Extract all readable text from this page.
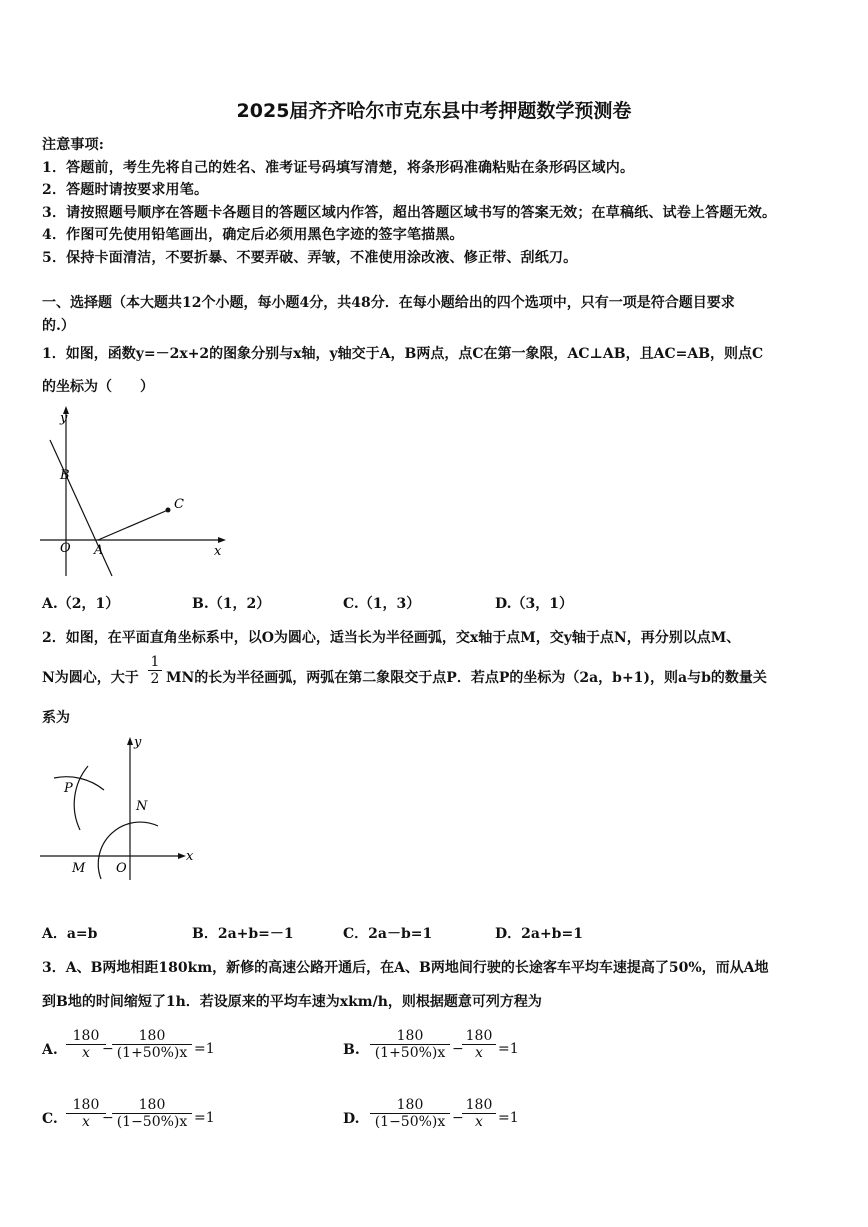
2025届齐齐哈尔市克东县中考押题数学预测卷
注意事项:
1．答题前，考生先将自己的姓名、准考证号码填写清楚，将条形码准确粘贴在条形码区域内。
2．答题时请按要求用笔。
3．请按照题号顺序在答题卡各题目的答题区域内作答，超出答题区域书写的答案无效；在草稿纸、试卷上答题无效。
4．作图可先使用铅笔画出，确定后必须用黑色字迹的签字笔描黑。
5．保持卡面清洁，不要折暴、不要弄破、弄皱，不准使用涂改液、修正带、刮纸刀。
一、选择题（本大题共12个小题，每小题4分，共48分．在每小题给出的四个选项中，只有一项是符合题目要求
的.）
1．如图，函数y=－2x+2的图象分别与x轴，y轴交于A，B两点，点C在第一象限，AC⊥AB，且AC=AB，则点C
的坐标为（　　）
y
x
B
C
O A
A.（2，1）	B.（1，2）	C.（1，3）	D.（3，1）
2．如图，在平面直角坐标系中，以O为圆心，适当长为半径画弧，交x轴于点M，交y轴于点N，再分别以点M、
N为圆心，大于
1
2 MN的长为半径画弧，两弧在第二象限交于点P．若点P的坐标为（2a，b+1)，则a与b的数量关
系为
y
x
P
N
M O
A．a=b	B．2a+b=－1	C．2a－b=1	D．2a+b=1
3．A、B两地相距180km，新修的高速公路开通后，在A、B两地间行驶的长途客车平均车速提高了50%，而从A地
到B地的时间缩短了1h．若设原来的平均车速为xkm/h，则根据题意可列方程为
A.
180
x −
180
(1+50%)x =1	B.
180
(1+50%)x −
180
x	=1
C.
180
x −
180
(1−50%)x =1	D.
180
(1−50%)x −
180
x	=1
